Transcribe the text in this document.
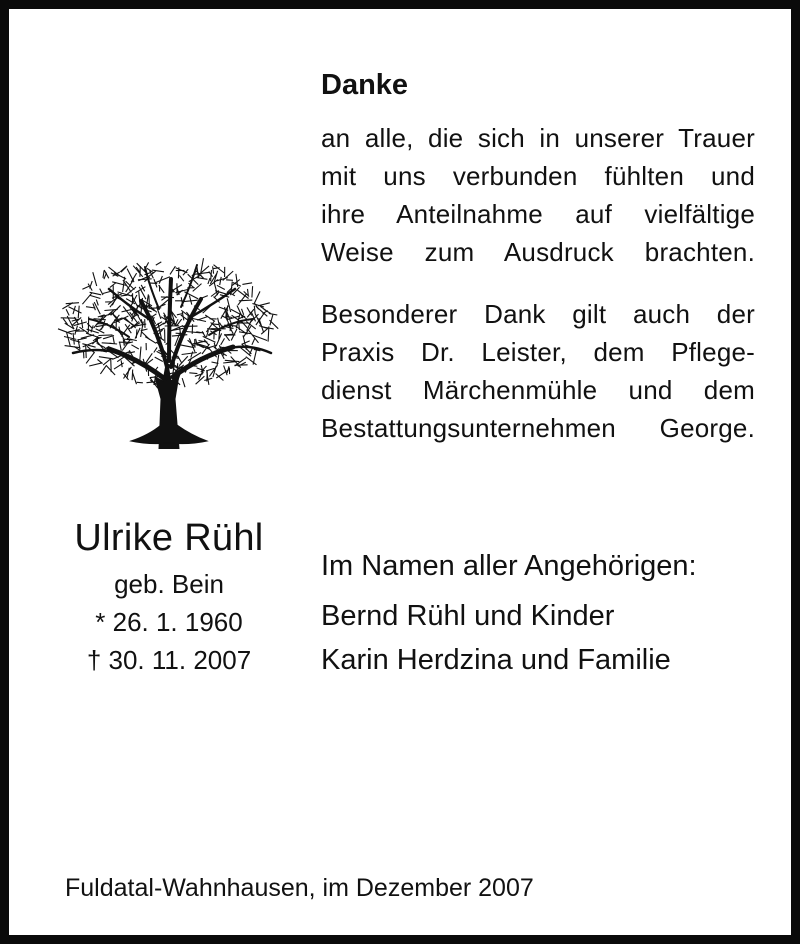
Danke
an alle, die sich in unserer Trauer
mit uns verbunden fühlten und
ihre Anteilnahme auf vielfältige
Weise zum Ausdruck brachten.
Besonderer Dank gilt auch der
Praxis Dr. Leister, dem Pflege-
dienst Märchenmühle und dem
Bestattungsunternehmen George.
Ulrike Rühl
geb. Bein
* 26. 1. 1960
† 30. 11. 2007
Im Namen aller Angehörigen:
Bernd Rühl und Kinder
Karin Herdzina und Familie
Fuldatal-Wahnhausen, im Dezember 2007
